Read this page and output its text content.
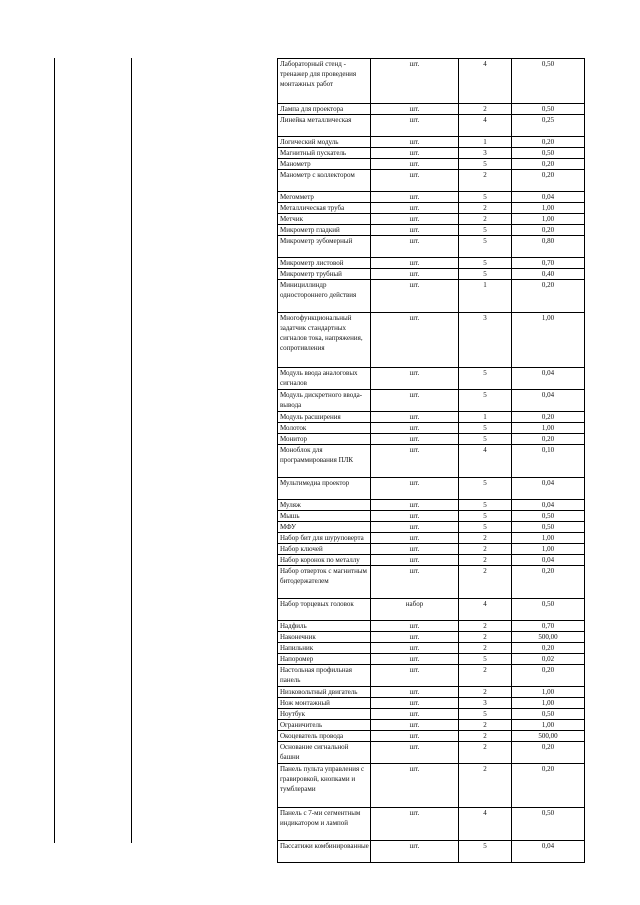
Лабораторный стенд - тренажер для проведения монтажных работ	шт.	4	0,50
Лампа для проектора	шт.	2	0,50
Линейка металлическая	шт.	4	0,25
Логический модуль	шт.	1	0,20
Магнитный пускатель	шт.	3	0,50
Манометр	шт.	5	0,20
Манометр с коллектором	шт.	2	0,20
Мегомметр	шт.	5	0,04
Металлическая труба	шт.	2	1,00
Метчик	шт.	2	1,00
Микрометр гладкий	шт.	5	0,20
Микрометр зубомерный	шт.	5	0,80
Микрометр листовой	шт.	5	0,70
Микрометр трубный	шт.	5	0,40
Минициллиндр одностороннего действия	шт.	1	0,20
Многофункциональный задатчик стандартных сигналов тока, напряжения, сопротивления	шт.	3	1,00
Модуль ввода аналоговых сигналов	шт.	5	0,04
Модуль дискретного ввода-вывода	шт.	5	0,04
Модуль расширения	шт.	1	0,20
Молоток	шт.	5	1,00
Монитор	шт.	5	0,20
Моноблок для программирования ПЛК	шт.	4	0,10
Мультимедиа проектор	шт.	5	0,04
Муляж	шт.	5	0,04
Мышь	шт.	5	0,50
МФУ	шт.	5	0,50
Набор бит для шуруповерта	шт.	2	1,00
Набор ключей	шт.	2	1,00
Набор коронок по металлу	шт.	2	0,04
Набор отверток с магнитным битодержателем	шт.	2	0,20
Набор торцевых головок	набор	4	0,50
Надфиль	шт.	2	0,70
Наконечник	шт.	2	500,00
Напильник	шт.	2	0,20
Напоромер	шт.	5	0,02
Настольная профильная панель	шт.	2	0,20
Низковольтный двигатель	шт.	2	1,00
Нож монтажный	шт.	3	1,00
Ноутбук	шт.	5	0,50
Ограничитель	шт.	2	1,00
Окоцеватель провода	шт.	2	500,00
Основание сигнальной башни	шт.	2	0,20
Панель пульта управления с гравировкой, кнопками и тумблерами	шт.	2	0,20
Панель с 7-ми сегментным индикатором и лампой	шт.	4	0,50
Пассатижи комбинированные	шт.	5	0,04
